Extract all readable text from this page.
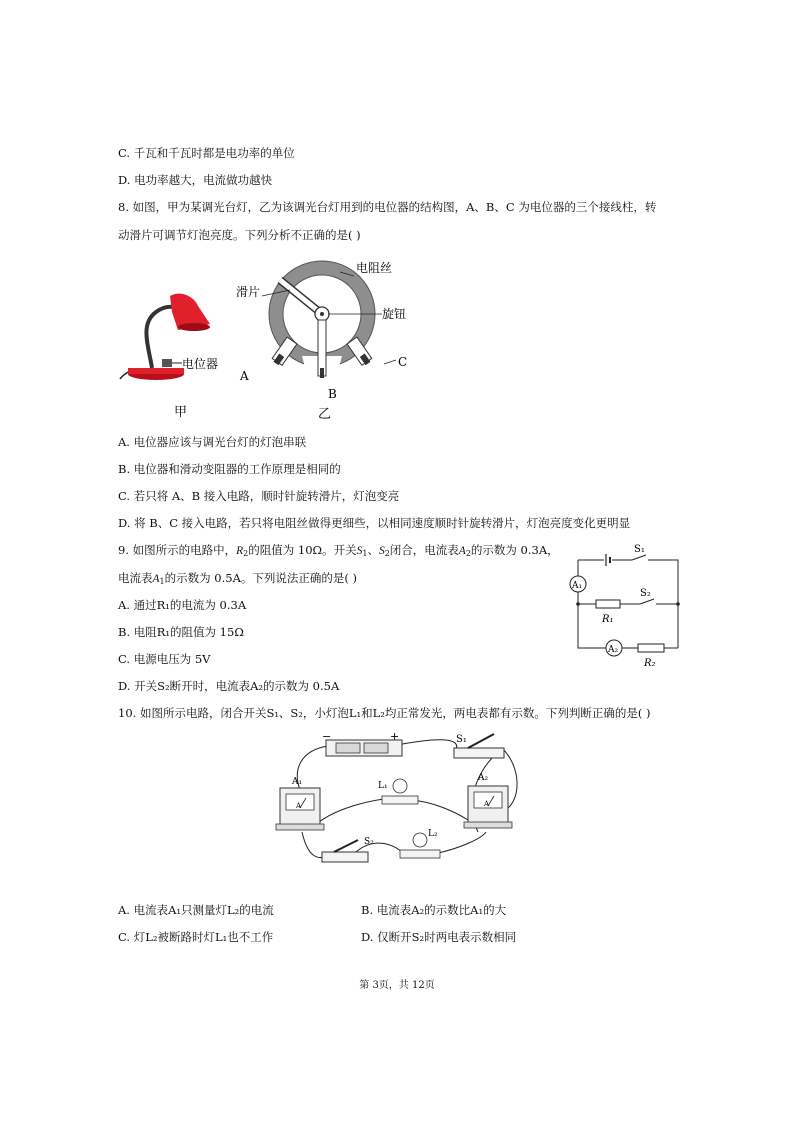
C. 千瓦和千瓦时都是电功率的单位
D. 电功率越大，电流做功越快
8. 如图，甲为某调光台灯，乙为该调光台灯用到的电位器的结构图，A、B、C 为电位器的三个接线柱，转
动滑片可调节灯泡亮度。下列分析不正确的是( )
电位器
甲
电阻丝
滑片
旋钮
A
B
C
乙
A. 电位器应该与调光台灯的灯泡串联
B. 电位器和滑动变阻器的工作原理是相同的
C. 若只将 A、B 接入电路，顺时针旋转滑片，灯泡变亮
D. 将 B、C 接入电路，若只将电阻丝做得更细些，以相同速度顺时针旋转滑片，灯泡亮度变化更明显
9. 如图所示的电路中，$R_2$的阻值为 10Ω。开关$S_1$、$S_2$闭合，电流表$A_2$的示数为 0.3A，
电流表$A_1$的示数为 0.5A。下列说法正确的是( )
A. 通过R₁的电流为 0.3A
B. 电阻R₁的阻值为 15Ω
C. 电源电压为 5V
D. 开关S₂断开时，电流表A₂的示数为 0.5A
A₁
A₂
S₁
S₂
R₁
R₂
10. 如图所示电路，闭合开关S₁、S₂，小灯泡L₁和L₂均正常发光，两电表都有示数。下列判断正确的是( )
−	+	S₁
A
A₁	L₁
A
A₂
S₂
L₂
A. 电流表A₁只测量灯L₂的电流	B. 电流表A₂的示数比A₁的大
C. 灯L₂被断路时灯L₁也不工作	D. 仅断开S₂时两电表示数相同
第 3页，共 12页
